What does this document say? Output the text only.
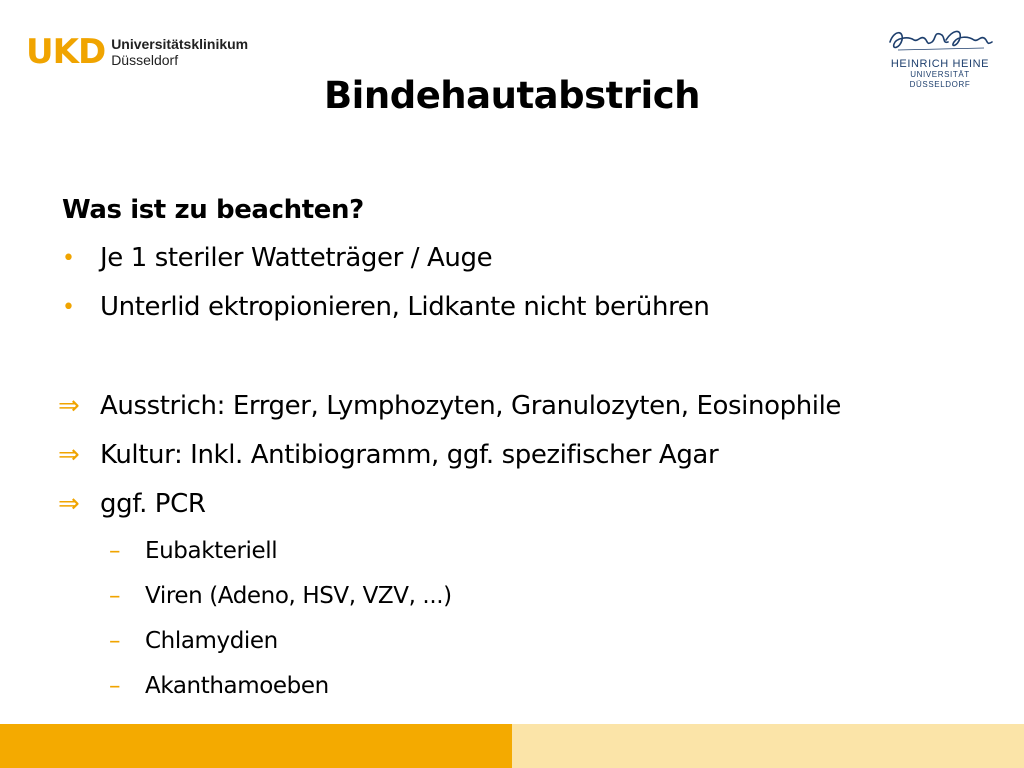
UKD Universitätsklinikum
Düsseldorf	HEINRICH HEINE
UNIVERSITÄT DÜSSELDORF
Bindehautabstrich
Was ist zu beachten?
• Je 1 steriler Watteträger / Auge
• Unterlid ektropionieren, Lidkante nicht berühren
⇒ Ausstrich: Errger, Lymphozyten, Granulozyten, Eosinophile
⇒ Kultur: Inkl. Antibiogramm, ggf. spezifischer Agar
⇒ ggf. PCR
– Eubakteriell
– Viren (Adeno, HSV, VZV, ...)
– Chlamydien
– Akanthamoeben
